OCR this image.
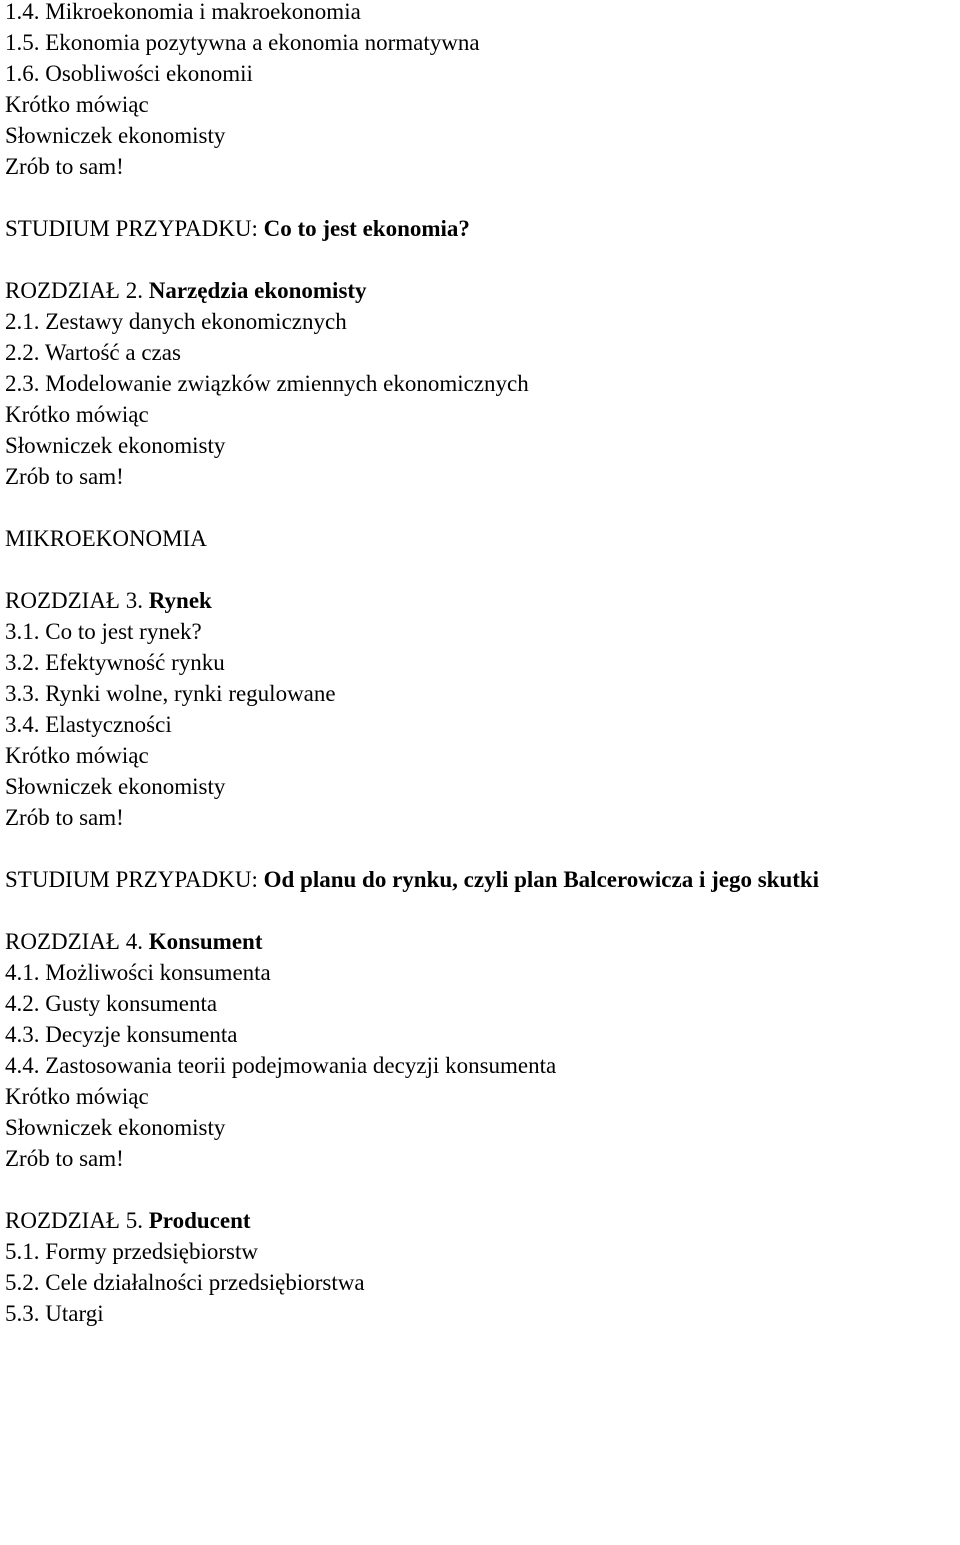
1.4. Mikroekonomia i makroekonomia
1.5. Ekonomia pozytywna a ekonomia normatywna
1.6. Osobliwości ekonomii
Krótko mówiąc
Słowniczek ekonomisty
Zrób to sam!
STUDIUM PRZYPADKU: Co to jest ekonomia?
ROZDZIAŁ 2. Narzędzia ekonomisty
2.1. Zestawy danych ekonomicznych
2.2. Wartość a czas
2.3. Modelowanie związków zmiennych ekonomicznych
Krótko mówiąc
Słowniczek ekonomisty
Zrób to sam!
MIKROEKONOMIA
ROZDZIAŁ 3. Rynek
3.1. Co to jest rynek?
3.2. Efektywność rynku
3.3. Rynki wolne, rynki regulowane
3.4. Elastyczności
Krótko mówiąc
Słowniczek ekonomisty
Zrób to sam!
STUDIUM PRZYPADKU: Od planu do rynku, czyli plan Balcerowicza i jego skutki
ROZDZIAŁ 4. Konsument
4.1. Możliwości konsumenta
4.2. Gusty konsumenta
4.3. Decyzje konsumenta
4.4. Zastosowania teorii podejmowania decyzji konsumenta
Krótko mówiąc
Słowniczek ekonomisty
Zrób to sam!
ROZDZIAŁ 5. Producent
5.1. Formy przedsiębiorstw
5.2. Cele działalności przedsiębiorstwa
5.3. Utargi
